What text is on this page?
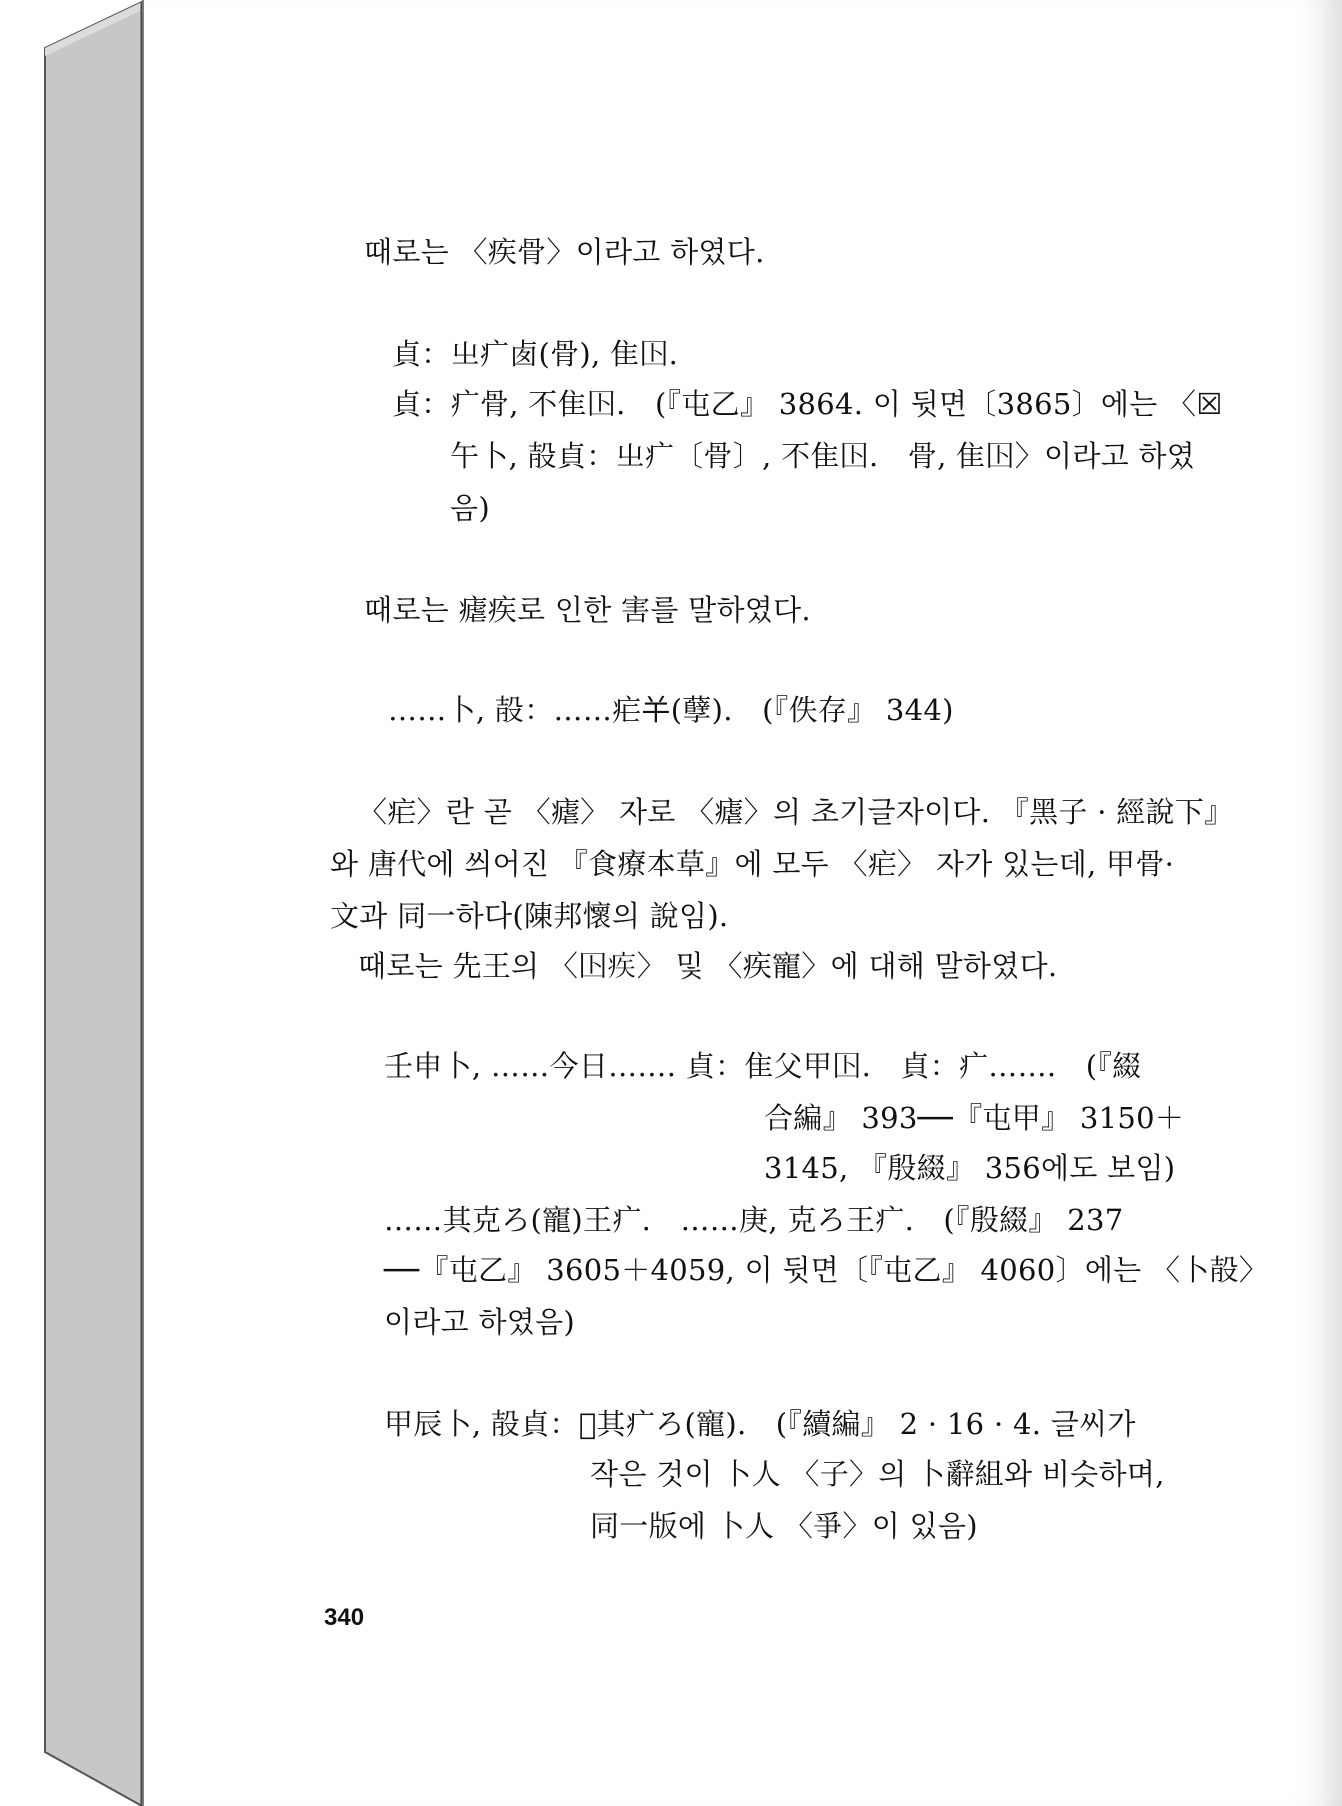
때로는 〈疾骨〉이라고 하였다.
貞：㞢疒𠧧(骨), 隹𡆥.
貞：疒骨, 不隹𡆥.　(『屯乙』 3864. 이 뒷면〔3865〕에는 〈☒
午卜, 㱿貞：㞢疒〔骨〕, 不隹𡆥.　骨, 隹𡆥〉이라고 하였
음)
때로는 瘧疾로 인한 害를 말하였다.
……卜, 㱿：……疟𢆉(孽).　(『佚存』 344)
〈疟〉란 곧 〈瘧〉 자로 〈瘧〉의 초기글자이다. 『黑子 · 經說下』
와 唐代에 씌어진 『食療本草』에 모두 〈疟〉 자가 있는데, 甲骨·
文과 同一하다(陳邦懷의 說임).
때로는 先王의 〈𡆥疾〉 및 〈疾寵〉에 대해 말하였다.
壬申卜, ……今日……. 貞：隹父甲𡆥.　貞：疒…….　(『綴
合編』 393──『屯甲』 3150＋
3145, 『殷綴』 356에도 보임)
……其克ろ(寵)王疒.　……庚, 克ろ王疒.　(『殷綴』 237
──『屯乙』 3605＋4059, 이 뒷면〔『屯乙』 4060〕에는 〈卜㱿〉
이라고 하였음)
甲辰卜, 㱿貞：𣪺其疒ろ(寵).　(『續編』 2 · 16 · 4. 글씨가
작은 것이 卜人 〈子〉의 卜辭組와 비슷하며,
同一版에 卜人 〈爭〉이 있음)
340
